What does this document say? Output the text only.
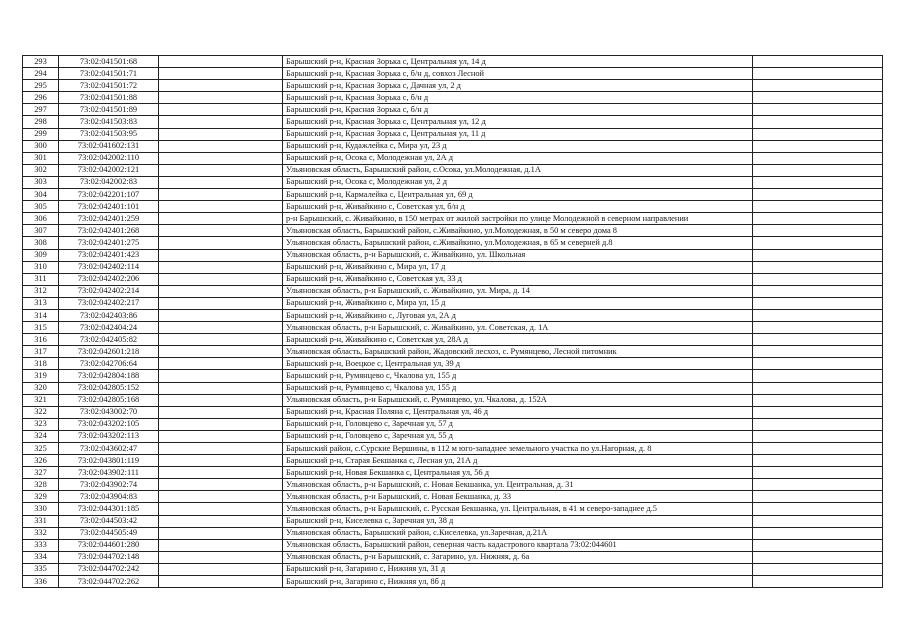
293	73:02:041501:68		Барышский р-н, Красная Зорька с, Центральная ул, 14 д	
294	73:02:041501:71		Барышский р-н, Красная Зорька с, б/н д, совхоз Лесной	
295	73:02:041501:72		Барышский р-н, Красная Зорька с, Дачная ул, 2 д	
296	73:02:041501:88		Барышский р-н, Красная Зорька с, б/н д	
297	73:02:041501:89		Барышский р-н, Красная Зорька с, б/н д	
298	73:02:041503:83		Барышский р-н, Красная Зорька с, Центральная ул, 12 д	
299	73:02:041503:95		Барышский р-н, Красная Зорька с, Центральная ул, 11 д	
300	73:02:041602:131		Барышский р-н, Кудажлейка с, Мира ул, 23 д	
301	73:02:042002:110		Барышский р-н, Осока с, Молодежная ул, 2А д	
302	73:02:042002:121		Ульяновская область, Барышский район, с.Осока, ул.Молодежная, д.1А	
303	73:02:042002:83		Барышский р-н, Осока с, Молодежная ул, 2 д	
304	73:02:042201:107		Барышский р-н, Кармалейка с, Центральная ул, 69 д	
305	73:02:042401:101		Барышский р-н, Живайкино с, Советская ул, б/н д	
306	73:02:042401:259		р-н Барышский, с. Живайкино, в 150 метрах от жилой застройки по улице Молодежной в северном направлении	
307	73:02:042401:268		Ульяновская область, Барышский район, с.Живайкино, ул.Молодежная, в 50 м северо дома 8	
308	73:02:042401:275		Ульяновская область, Барышский район, с.Живайкино, ул.Молодежная, в 65 м северней д.8	
309	73:02:042401:423		Ульяновская область, р-н Барышский, с. Живайкино, ул. Школьная	
310	73:02:042402:114		Барышский р-н, Живайкино с, Мира ул, 17 д	
311	73:02:042402:206		Барышский р-н, Живайкино с, Советская ул, 33 д	
312	73:02:042402:214		Ульяновская область, р-н Барышский, с. Живайкино, ул. Мира, д. 14	
313	73:02:042402:217		Барышский р-н, Живайкино с, Мира ул, 15 д	
314	73:02:042403:86		Барышский р-н, Живайкино с, Луговая ул, 2А д	
315	73:02:042404:24		Ульяновская область, р-н Барышский, с. Живайкино, ул. Советская, д. 1А	
316	73:02:042405:82		Барышский р-н, Живайкино с, Советская ул, 28А д	
317	73:02:042601:218		Ульяновская область, Барышский район, Жадовский лесхоз, с. Румянцево, Лесной питомник	
318	73:02:042706:64		Барышский р-н, Воецкое с, Центральная ул, 39 д	
319	73:02:042804:188		Барышский р-н, Румянцево с, Чкалова ул, 155 д	
320	73:02:042805:152		Барышский р-н, Румянцево с, Чкалова ул, 155 д	
321	73:02:042805:168		Ульяновская область, р-н Барышский, с. Румянцево, ул. Чкалова, д. 152А	
322	73:02:043002:70		Барышский р-н, Красная Поляна с, Центральная ул, 46 д	
323	73:02:043202:105		Барышский р-н, Головцево с, Заречная ул, 57 д	
324	73:02:043202:113		Барышский р-н, Головцево с, Заречная ул, 55 д	
325	73:02:043602:47		Барышский район, с.Сурские Вершины, в 112 м юго-западнее земельного участка по ул.Нагорная, д. 8	
326	73:02:043801:119		Барышский р-н, Старая Бекшанка с, Лесная ул, 21А д	
327	73:02:043902:111		Барышский р-н, Новая Бекшанка с, Центральная ул, 56 д	
328	73:02:043902:74		Ульяновская область, р-н Барышский, с. Новая Бекшанка, ул. Центральная, д. 31	
329	73:02:043904:83		Ульяновская область, р-н Барышский, с. Новая Бекшанка, д. 33	
330	73:02:044301:185		Ульяновская область, р-н Барышский, с. Русская Бекшанка, ул. Центральная, в 41 м северо-западнее д.5	
331	73:02:044503:42		Барышский р-н, Киселевка с, Заречная ул, 38 д	
332	73:02:044505:49		Ульяновская область, Барышский район, с.Киселевка, ул.Заречная, д.21А	
333	73:02:044601:280		Ульяновская область, Барышский район, северная часть кадастрового квартала 73:02:044601	
334	73:02:044702:148		Ульяновская область, р-н Барышский, с. Загарино, ул. Нижняя, д. 6а	
335	73:02:044702:242		Барышский р-н, Загарино с, Нижняя ул, 31 д	
336	73:02:044702:262		Барышский р-н, Загарино с, Нижняя ул, 8б д	
